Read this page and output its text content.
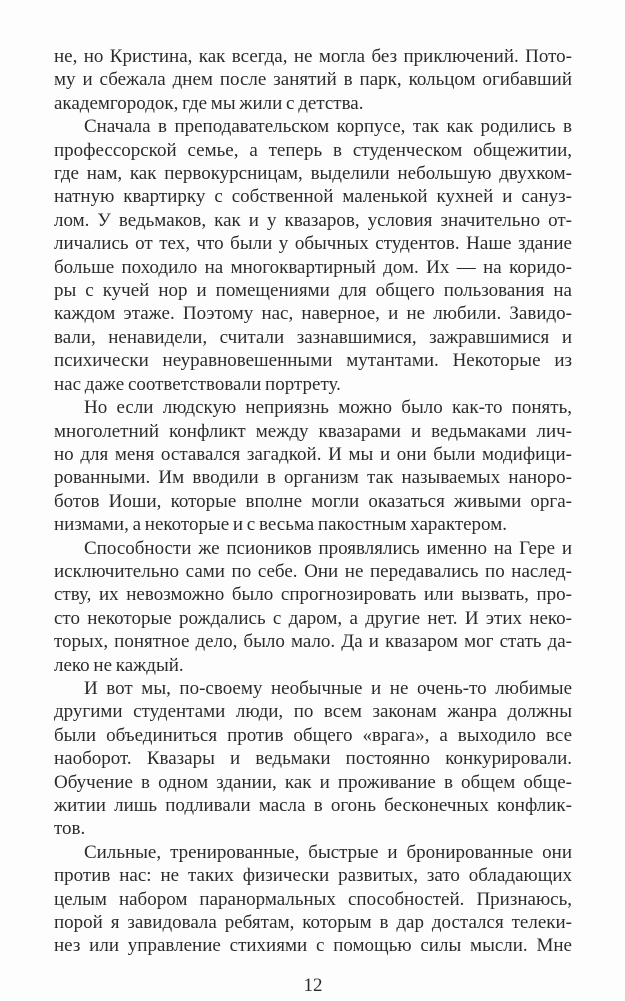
не, но Кристина, как всегда, не могла без приключений. Пото-
му и сбежала днем после занятий в парк, кольцом огибавший
академгородок, где мы жили с детства.
Сначала в преподавательском корпусе, так как родились в
профессорской семье, а теперь в студенческом общежитии,
где нам, как первокурсницам, выделили небольшую двухком-
натную квартирку с собственной маленькой кухней и сануз-
лом. У ведьмаков, как и у квазаров, условия значительно от-
личались от тех, что были у обычных студентов. Наше здание
больше походило на многоквартирный дом. Их — на коридо-
ры с кучей нор и помещениями для общего пользования на
каждом этаже. Поэтому нас, наверное, и не любили. Завидо-
вали, ненавидели, считали зазнавшимися, зажравшимися и
психически неуравновешенными мутантами. Некоторые из
нас даже соответствовали портрету.
Но если людскую неприязнь можно было как-то понять,
многолетний конфликт между квазарами и ведьмаками лич-
но для меня оставался загадкой. И мы и они были модифици-
рованными. Им вводили в организм так называемых наноро-
ботов Иоши, которые вполне могли оказаться живыми орга-
низмами, а некоторые и с весьма пакостным характером.
Способности же псиоников проявлялись именно на Гере и
исключительно сами по себе. Они не передавались по наслед-
ству, их невозможно было спрогнозировать или вызвать, про-
сто некоторые рождались с даром, а другие нет. И этих неко-
торых, понятное дело, было мало. Да и квазаром мог стать да-
леко не каждый.
И вот мы, по-своему необычные и не очень-то любимые
другими студентами люди, по всем законам жанра должны
были объединиться против общего «врага», а выходило все
наоборот. Квазары и ведьмаки постоянно конкурировали.
Обучение в одном здании, как и проживание в общем обще-
житии лишь подливали масла в огонь бесконечных конфлик-
тов.
Сильные, тренированные, быстрые и бронированные они
против нас: не таких физически развитых, зато обладающих
целым набором паранормальных способностей. Признаюсь,
порой я завидовала ребятам, которым в дар достался телеки-
нез или управление стихиями с помощью силы мысли. Мне
12
